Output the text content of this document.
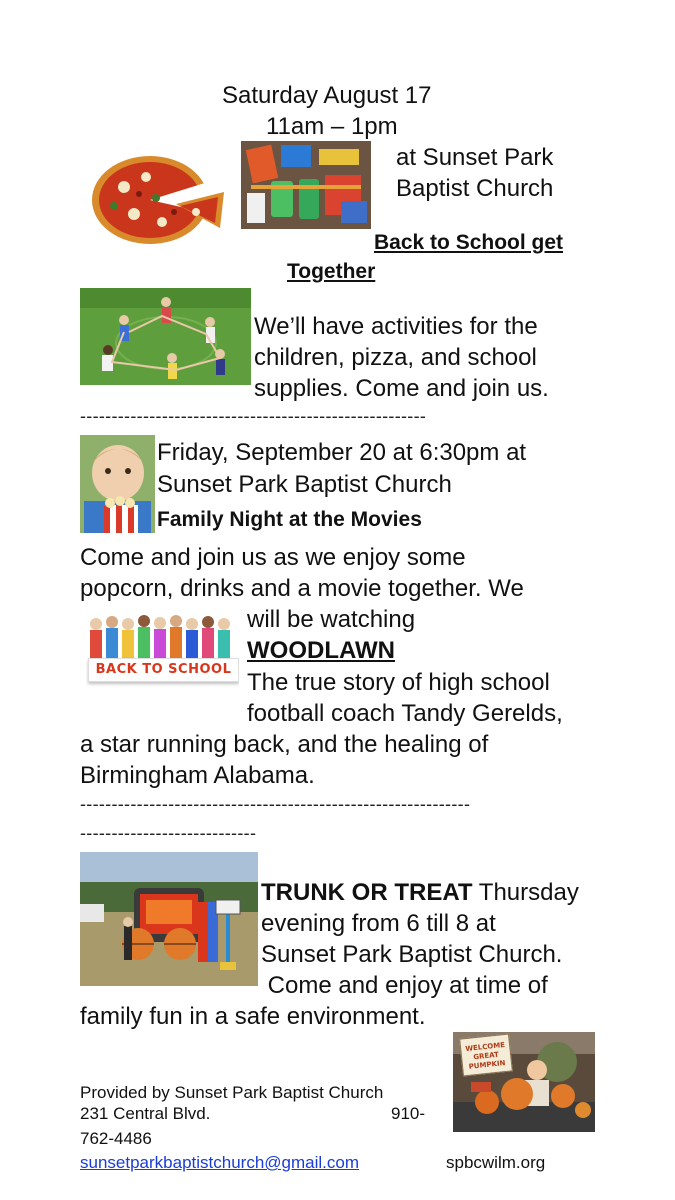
Saturday August 17
11am – 1pm
at Sunset Park
Baptist Church
Back to School get
Together
We’ll have activities for the
children, pizza, and school
supplies. Come and join us.
-------------------------------------------------------
Friday, September 20 at 6:30pm at
Sunset Park Baptist Church
Family Night at the Movies
Come and join us as we enjoy some
popcorn, drinks and a movie together. We
will be watching
WOODLAWN
BACK TO SCHOOL The true story of high school
football coach Tandy Gerelds,
a star running back, and the healing of
Birmingham Alabama.
--------------------------------------------------------------
----------------------------
TRUNK OR TREAT Thursday
evening from 6 till 8 at
Sunset Park Baptist Church.
Come and enjoy at time of
family fun in a safe environment.
WELCOME GREAT PUMPKIN
Provided by Sunset Park Baptist Church
231 Central Blvd.	910-
762-4486
sunsetparkbaptistchurch@gmail.com	spbcwilm.org
